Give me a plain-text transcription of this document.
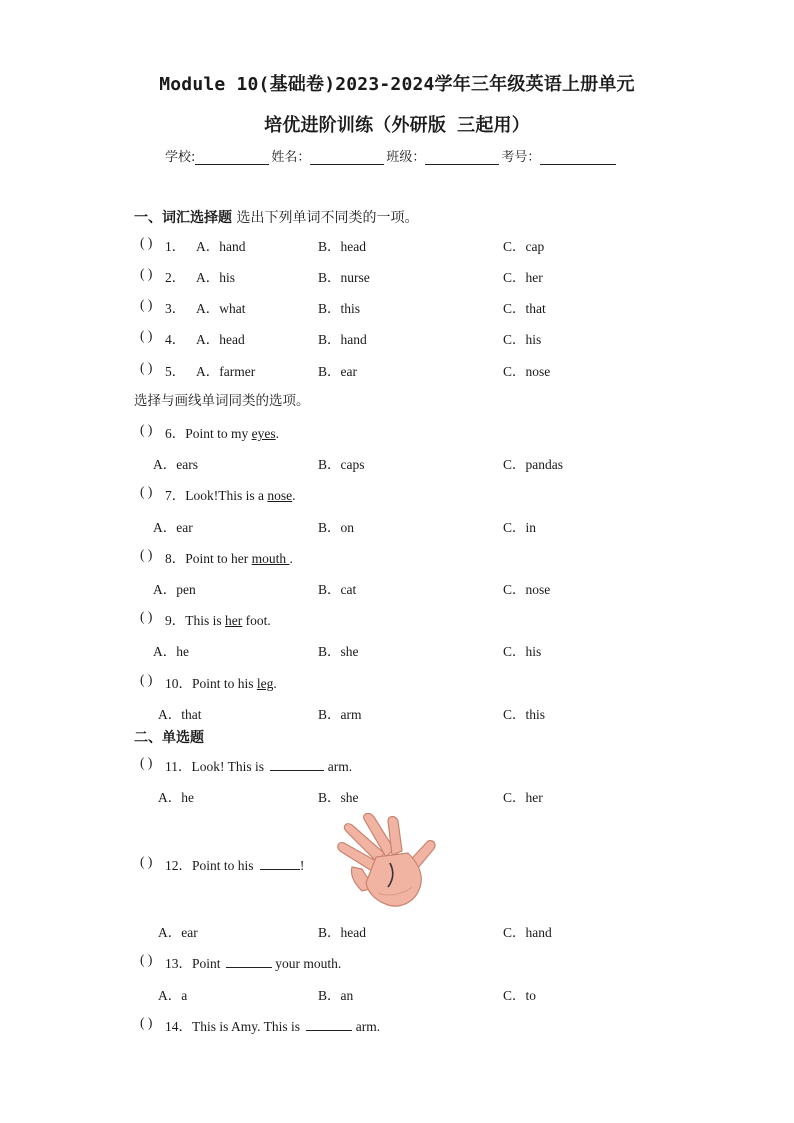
Module 10(基础卷)2023-2024学年三年级英语上册单元
培优进阶训练（外研版 三起用）
学校:	姓名：	班级：	考号：
一、词汇选择题 选出下列单词不同类的一项。
( ) 1． A．hand	B．head	C．cap
( ) 2． A．his	B．nurse	C．her
( ) 3． A．what	B．this	C．that
( ) 4． A．head	B．hand	C．his
( ) 5． A．farmer	B．ear	C．nose
选择与画线单词同类的选项。
( ) 6．Point to my eyes.
A．ears	B．caps	C．pandas
( ) 7．Look!This is a nose.
A．ear	B．on	C．in
( ) 8．Point to her mouth .
A．pen	B．cat	C．nose
( ) 9．This is her foot.
A．he	B．she	C．his
( ) 10．Point to his leg.
A．that	B．arm	C．this
二、单选题
( ) 11．Look! This is	arm.
A．he	B．she	C．her
( ) 12．Point to his	!
A．ear	B．head	C．hand
( ) 13．Point	your mouth.
A．a	B．an	C．to
( ) 14．This is Amy. This is	arm.
